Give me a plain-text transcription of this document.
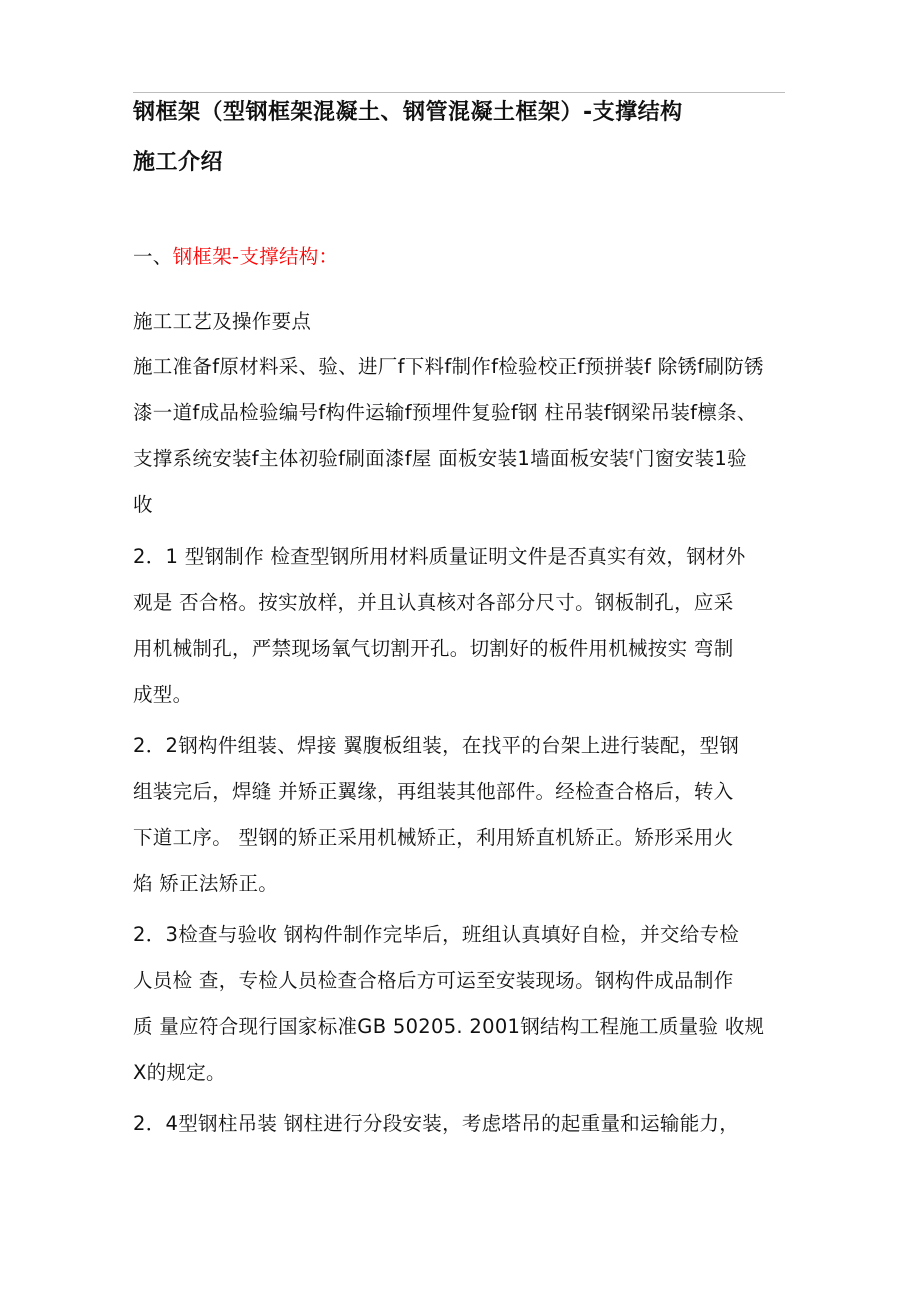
钢框架（型钢框架混凝土、钢管混凝土框架）-支撑结构
施工介绍
一、钢框架-支撑结构：
施工工艺及操作要点
施工准备f原材料采、验、进厂f下料f制作f检验校正f预拼装f 除锈f刷防锈
漆一道f成品检验编号f构件运输f预埋件复验f钢 柱吊装f钢梁吊装f檩条、
支撑系统安装f主体初验f刷面漆f屋 面板安装1墙面板安装ᶠ门窗安装1验
收
2．1 型钢制作 检查型钢所用材料质量证明文件是否真实有效，钢材外
观是 否合格。按实放样，并且认真核对各部分尺寸。钢板制孔，应采
用机械制孔，严禁现场氧气切割开孔。切割好的板件用机械按实 弯制
成型。
2．2钢构件组装、焊接 翼腹板组装，在找平的台架上进行装配，型钢
组装完后，焊缝 并矫正翼缘，再组装其他部件。经检查合格后，转入
下道工序。 型钢的矫正采用机械矫正，利用矫直机矫正。矫形采用火
焰 矫正法矫正。
2．3检查与验收 钢构件制作完毕后，班组认真填好自检，并交给专检
人员检 查，专检人员检查合格后方可运至安装现场。钢构件成品制作
质 量应符合现行国家标准GB 50205. 2001钢结构工程施工质量验 收规
X的规定。
2．4型钢柱吊装 钢柱进行分段安装，考虑塔吊的起重量和运输能力，
